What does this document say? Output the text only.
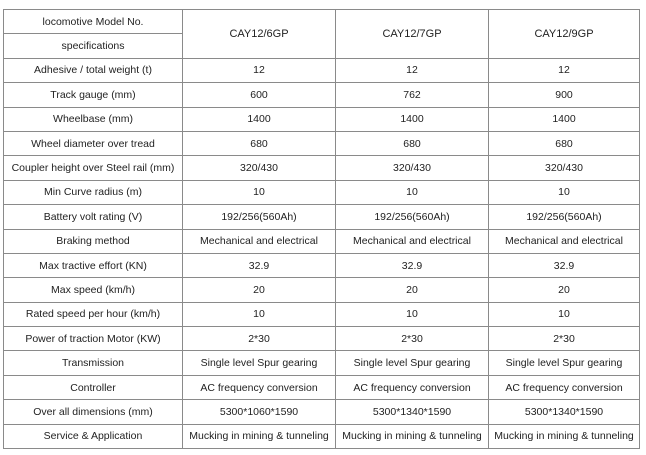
locomotive Model No.	CAY12/6GP	CAY12/7GP	CAY12/9GP
specifications			
Adhesive / total weight (t)	12	12	12
Track gauge (mm)	600	762	900
Wheelbase (mm)	1400	1400	1400
Wheel diameter over tread	680	680	680
Coupler height over Steel rail (mm)	320/430	320/430	320/430
Min Curve radius (m)	10	10	10
Battery volt rating (V)	192/256(560Ah)	192/256(560Ah)	192/256(560Ah)
Braking method	Mechanical and electrical	Mechanical and electrical	Mechanical and electrical
Max tractive effort (KN)	32.9	32.9	32.9
Max speed (km/h)	20	20	20
Rated speed per hour (km/h)	10	10	10
Power of traction Motor (KW)	2*30	2*30	2*30
Transmission	Single level Spur gearing	Single level Spur gearing	Single level Spur gearing
Controller	AC frequency conversion	AC frequency conversion	AC frequency conversion
Over all dimensions (mm)	5300*1060*1590	5300*1340*1590	5300*1340*1590
Service & Application	Mucking in mining & tunneling	Mucking in mining & tunneling	Mucking in mining & tunneling
